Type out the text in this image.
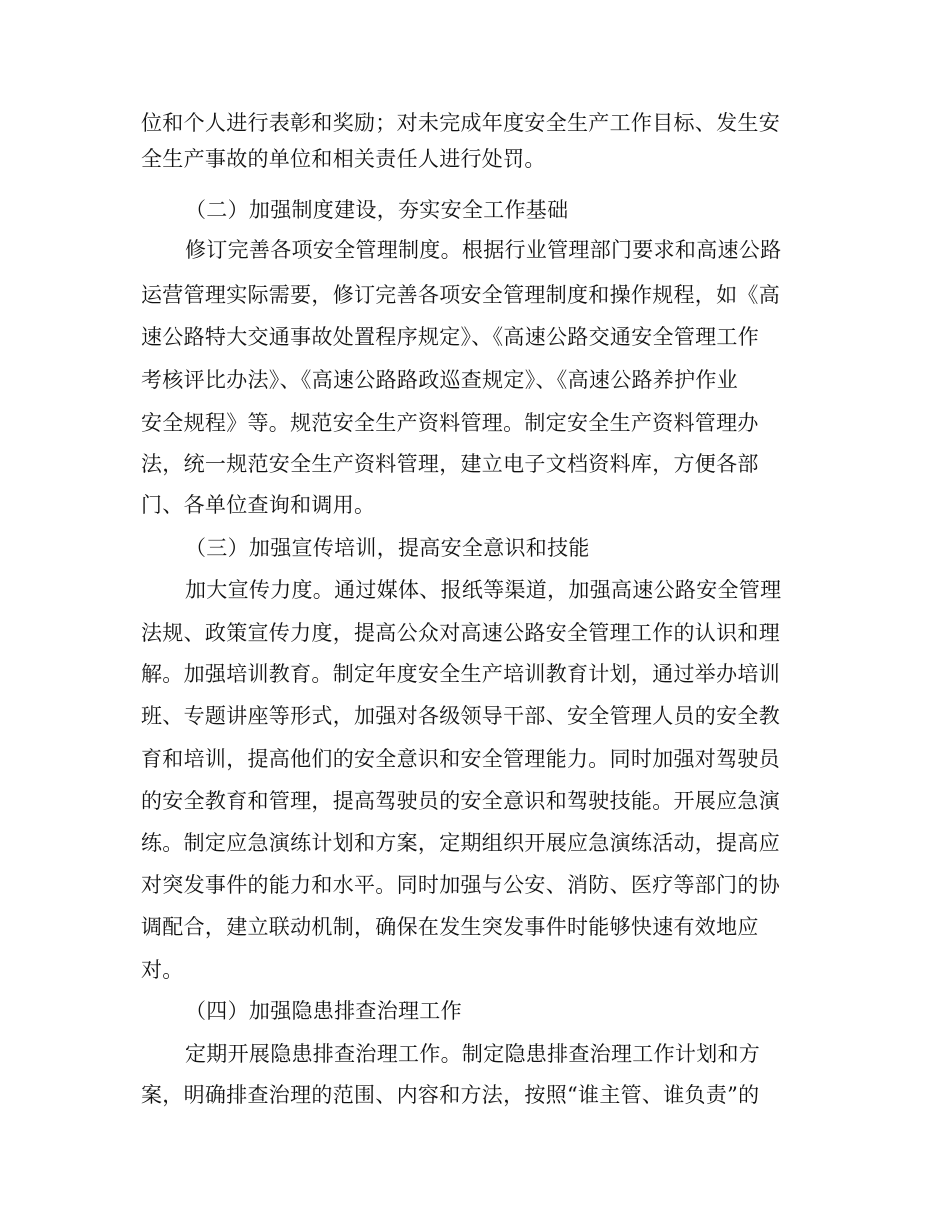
位和个人进行表彰和奖励；对未完成年度安全生产工作目标、发生安
全生产事故的单位和相关责任人进行处罚。
（二）加强制度建设，夯实安全工作基础
修订完善各项安全管理制度。根据行业管理部门要求和高速公路
运营管理实际需要，修订完善各项安全管理制度和操作规程，如《高
速公路特大交通事故处置程序规定》、《高速公路交通安全管理工作
考核评比办法》、《高速公路路政巡查规定》、《高速公路养护作业
安全规程》等。规范安全生产资料管理。制定安全生产资料管理办
法，统一规范安全生产资料管理，建立电子文档资料库，方便各部
门、各单位查询和调用。
（三）加强宣传培训，提高安全意识和技能
加大宣传力度。通过媒体、报纸等渠道，加强高速公路安全管理
法规、政策宣传力度，提高公众对高速公路安全管理工作的认识和理
解。加强培训教育。制定年度安全生产培训教育计划，通过举办培训
班、专题讲座等形式，加强对各级领导干部、安全管理人员的安全教
育和培训，提高他们的安全意识和安全管理能力。同时加强对驾驶员
的安全教育和管理，提高驾驶员的安全意识和驾驶技能。开展应急演
练。制定应急演练计划和方案，定期组织开展应急演练活动，提高应
对突发事件的能力和水平。同时加强与公安、消防、医疗等部门的协
调配合，建立联动机制，确保在发生突发事件时能够快速有效地应
对。
（四）加强隐患排查治理工作
定期开展隐患排查治理工作。制定隐患排查治理工作计划和方
案，明确排查治理的范围、内容和方法，按照“谁主管、谁负责”的
